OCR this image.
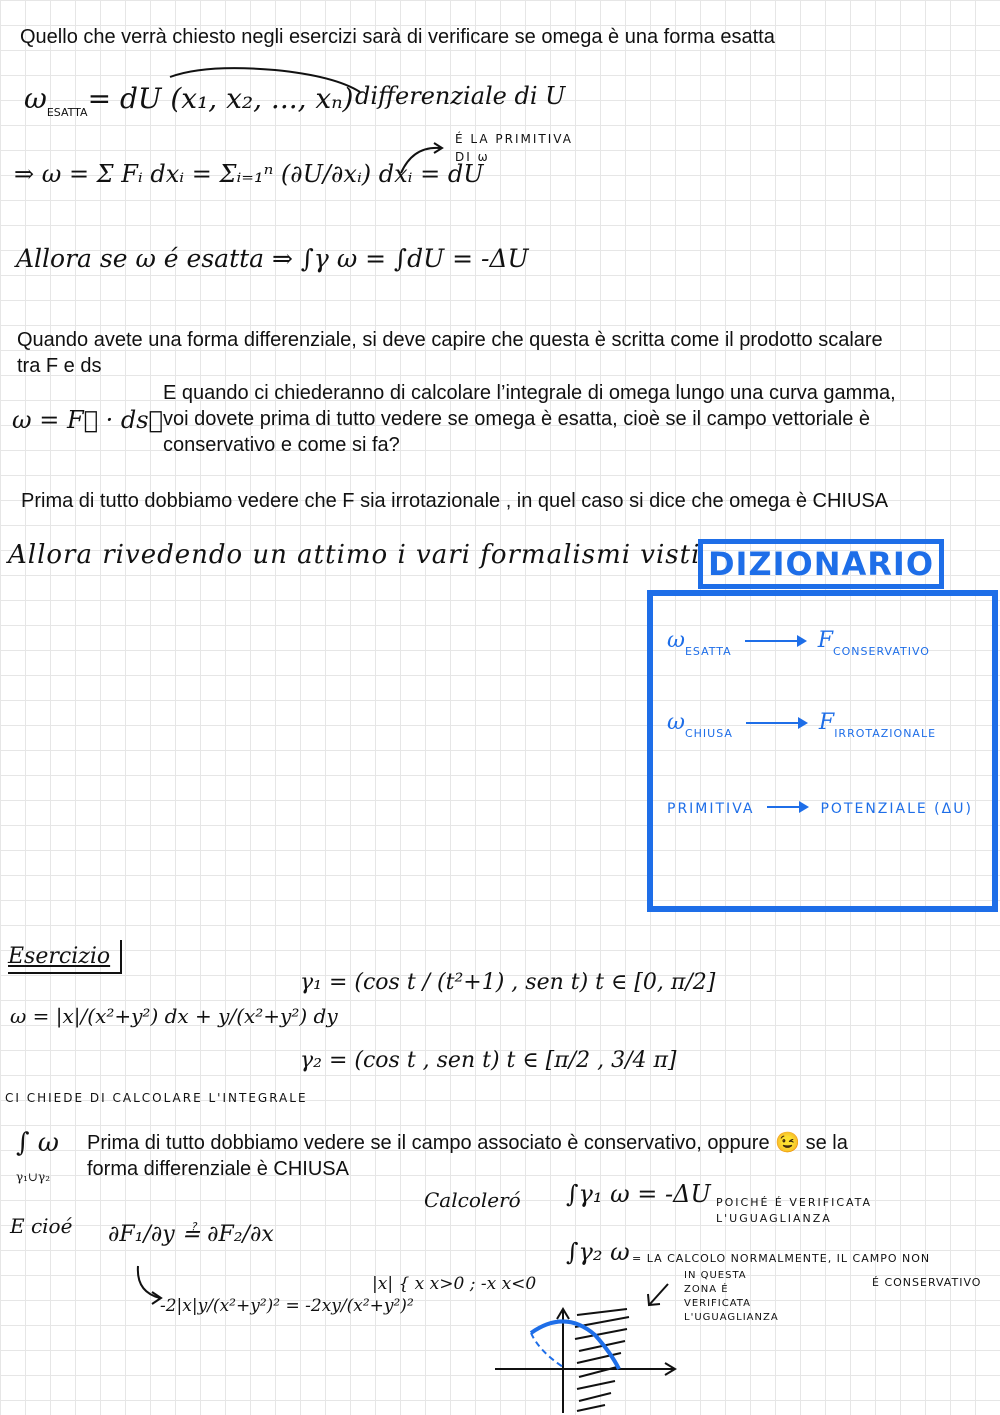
Quello che verrà chiesto negli esercizi sarà di verificare se omega è una forma esatta
$\omega_{ESATTA}=$ dU (x₁, x₂, ..., xₙ) differenziale di U
⇒ ω = Σ Fᵢ dxᵢ = Σᵢ₌₁ⁿ (∂U/∂xᵢ) dxᵢ = dU
É LA PRIMITIVA
DI ω
Allora se ω é esatta ⇒ ∫γ ω = ∫dU = -ΔU
Quando avete una forma differenziale, si deve capire che questa è scritta come il prodotto scalare
tra F e ds
ω = F⃗ · ds⃗
E quando ci chiederanno di calcolare l’integrale di omega lungo una curva gamma,
voi dovete prima di tutto vedere se omega è esatta, cioè se il campo vettoriale è
conservativo e come si fa?
Prima di tutto dobbiamo vedere che F sia irrotazionale , in quel caso si dice che omega è CHIUSA
Allora rivedendo un attimo i vari formalismi visti DIZIONARIO
$\omega_{ESATTA}$	$F_{CONSERVATIVO}$
$\omega_{CHIUSA}$	$F_{IRROTAZIONALE}$
PRIMITIVA	POTENZIALE (ΔU)
Esercizio
ω = |x|/(x²+y²) dx + y/(x²+y²) dy
γ₁ = (cos t / (t²+1) , sen t) t ∈ [0, π/2]
γ₂ = (cos t , sen t) t ∈ [π/2 , 3/4 π]
CI CHIEDE DI CALCOLARE L'INTEGRALE
∫ ω
γ₁∪γ₂
Prima di tutto dobbiamo vedere se il campo associato è conservativo, oppure 😉 se la
forma differenziale è CHIUSA
E cioé ∂F₁/∂y ≟ ∂F₂/∂x
-2|x|y/(x²+y²)² = -2xy/(x²+y²)²
|x| { x x>0 ; -x x<0
Calcoleró ∫γ₁ ω = -ΔU POICHÉ É VERIFICATA
L'UGUAGLIANZA
∫γ₂ ω = LA CALCOLO NORMALMENTE, IL CAMPO NON
É CONSERVATIVO
IN QUESTA
ZONA É
VERIFICATA
L'UGUAGLIANZA
